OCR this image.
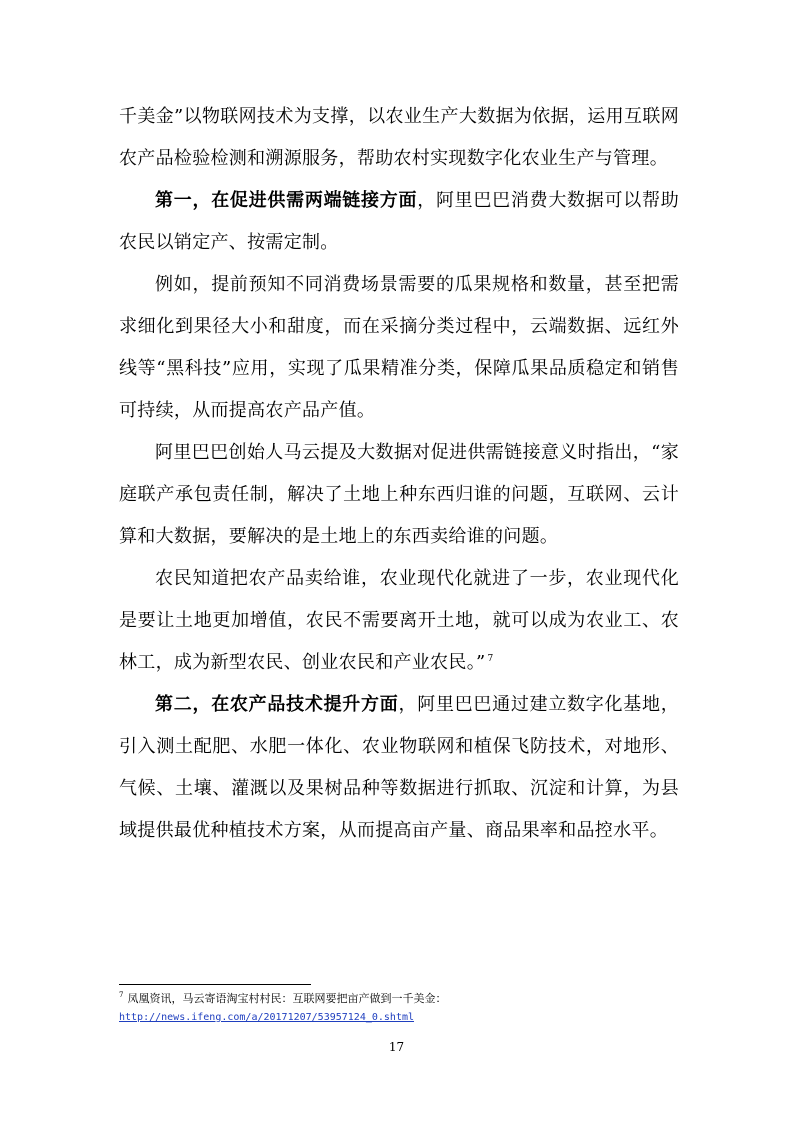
千美金”以物联网技术为支撑，以农业生产大数据为依据，运用互联网农产品检验检测和溯源服务，帮助农村实现数字化农业生产与管理。

第一，在促进供需两端链接方面，阿里巴巴消费大数据可以帮助农民以销定产、按需定制。

例如，提前预知不同消费场景需要的瓜果规格和数量，甚至把需求细化到果径大小和甜度，而在采摘分类过程中，云端数据、远红外线等“黑科技”应用，实现了瓜果精准分类，保障瓜果品质稳定和销售可持续，从而提高农产品产值。

阿里巴巴创始人马云提及大数据对促进供需链接意义时指出，“家庭联产承包责任制，解决了土地上种东西归谁的问题，互联网、云计算和大数据，要解决的是土地上的东西卖给谁的问题。

农民知道把农产品卖给谁，农业现代化就进了一步，农业现代化是要让土地更加增值，农民不需要离开土地，就可以成为农业工、农林工，成为新型农民、创业农民和产业农民。” $^7$

第二，在农产品技术提升方面，阿里巴巴通过建立数字化基地，引入测土配肥、水肥一体化、农业物联网和植保飞防技术，对地形、气候、土壤、灌溉以及果树品种等数据进行抓取、沉淀和计算，为县域提供最优种植技术方案，从而提高亩产量、商品果率和品控水平。

$^7$ 凤凰资讯，马云寄语淘宝村村民：互联网要把亩产做到一千美金：
http://news.ifeng.com/a/20171207/53957124_0.shtml
17
